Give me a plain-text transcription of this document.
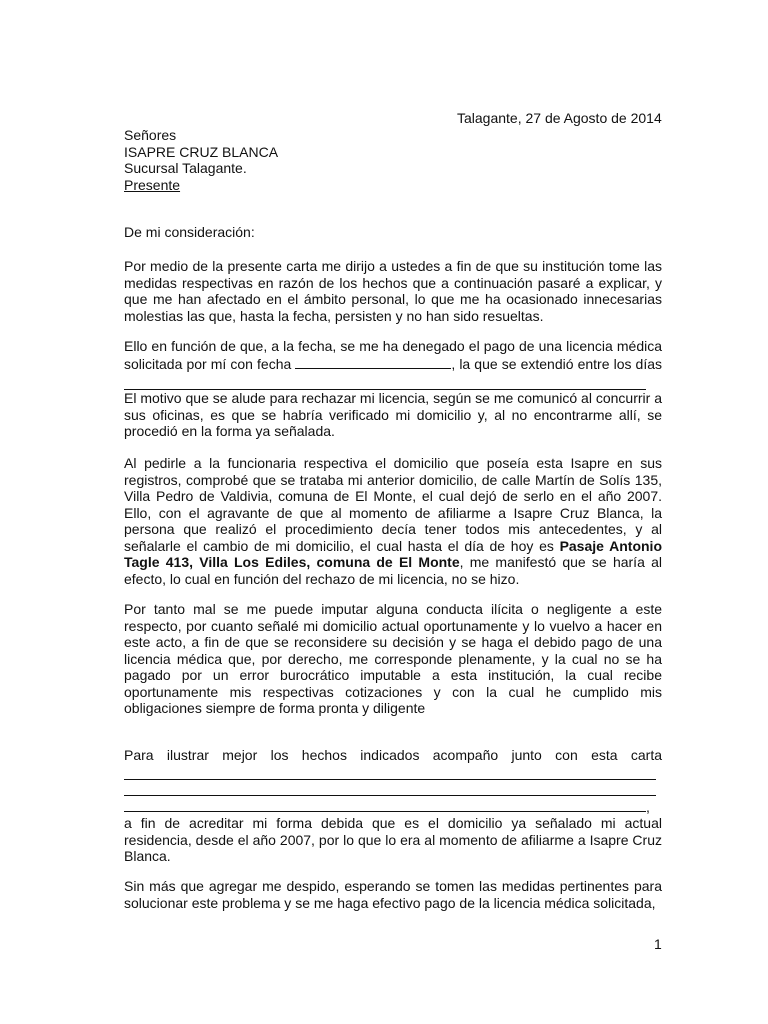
Talagante, 27 de Agosto de 2014
Señores
ISAPRE CRUZ BLANCA
Sucursal Talagante.
Presente
De mi consideración:
Por medio de la presente carta me dirijo a ustedes a fin de que su institución tome las medidas respectivas en razón de los hechos que a continuación pasaré a explicar, y que me han afectado en el ámbito personal, lo que me ha ocasionado innecesarias molestias las que, hasta la fecha, persisten y no han sido resueltas.
Ello en función de que, a la fecha, se me ha denegado el pago de una licencia médica
solicitada por mí con fecha	, la que se extendió entre los días
El motivo que se alude para rechazar mi licencia, según se me comunicó al concurrir a sus oficinas, es que se habría verificado mi domicilio y, al no encontrarme allí, se procedió en la forma ya señalada.
Al pedirle a la funcionaria respectiva el domicilio que poseía esta Isapre en sus registros, comprobé que se trataba mi anterior domicilio, de calle Martín de Solís 135, Villa Pedro de Valdivia, comuna de El Monte, el cual dejó de serlo en el año 2007. Ello, con el agravante de que al momento de afiliarme a Isapre Cruz Blanca, la persona que realizó el procedimiento decía tener todos mis antecedentes, y al señalarle el cambio de mi domicilio, el cual hasta el día de hoy es Pasaje Antonio Tagle 413, Villa Los Ediles, comuna de El Monte, me manifestó que se haría al efecto, lo cual en función del rechazo de mi licencia, no se hizo.
Por tanto mal se me puede imputar alguna conducta ilícita o negligente a este respecto, por cuanto señalé mi domicilio actual oportunamente y lo vuelvo a hacer en este acto, a fin de que se reconsidere su decisión y se haga el debido pago de una licencia médica que, por derecho, me corresponde plenamente, y la cual no se ha pagado por un error burocrático imputable a esta institución, la cual recibe oportunamente mis respectivas cotizaciones y con la cual he cumplido mis obligaciones siempre de forma pronta y diligente
Para ilustrar mejor los hechos indicados acompaño junto con esta carta
,
a fin de acreditar mi forma debida que es el domicilio ya señalado mi actual residencia, desde el año 2007, por lo que lo era al momento de afiliarme a Isapre Cruz Blanca.
Sin más que agregar me despido, esperando se tomen las medidas pertinentes para solucionar este problema y se me haga efectivo pago de la licencia médica solicitada,
1
